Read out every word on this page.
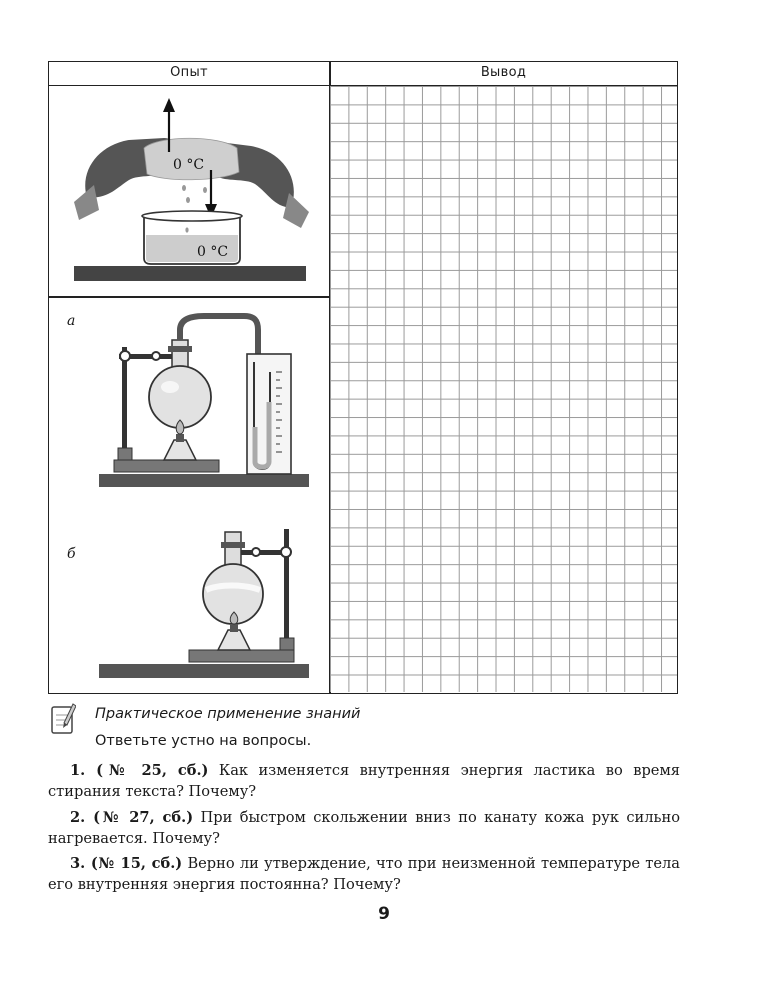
Опыт	Вывод
0 °C
0 °C
а
б
Практическое применение знаний
Ответьте устно на вопросы.
1. (№ 25, сб.) Как изменяется внутренняя энергия ластика во время стирания текста? Почему?
2. (№ 27, сб.) При быстром скольжении вниз по канату кожа рук сильно нагревается. Почему?
3. (№ 15, сб.) Верно ли утверждение, что при неизменной температуре тела его внутренняя энергия постоянна? Почему?
9
